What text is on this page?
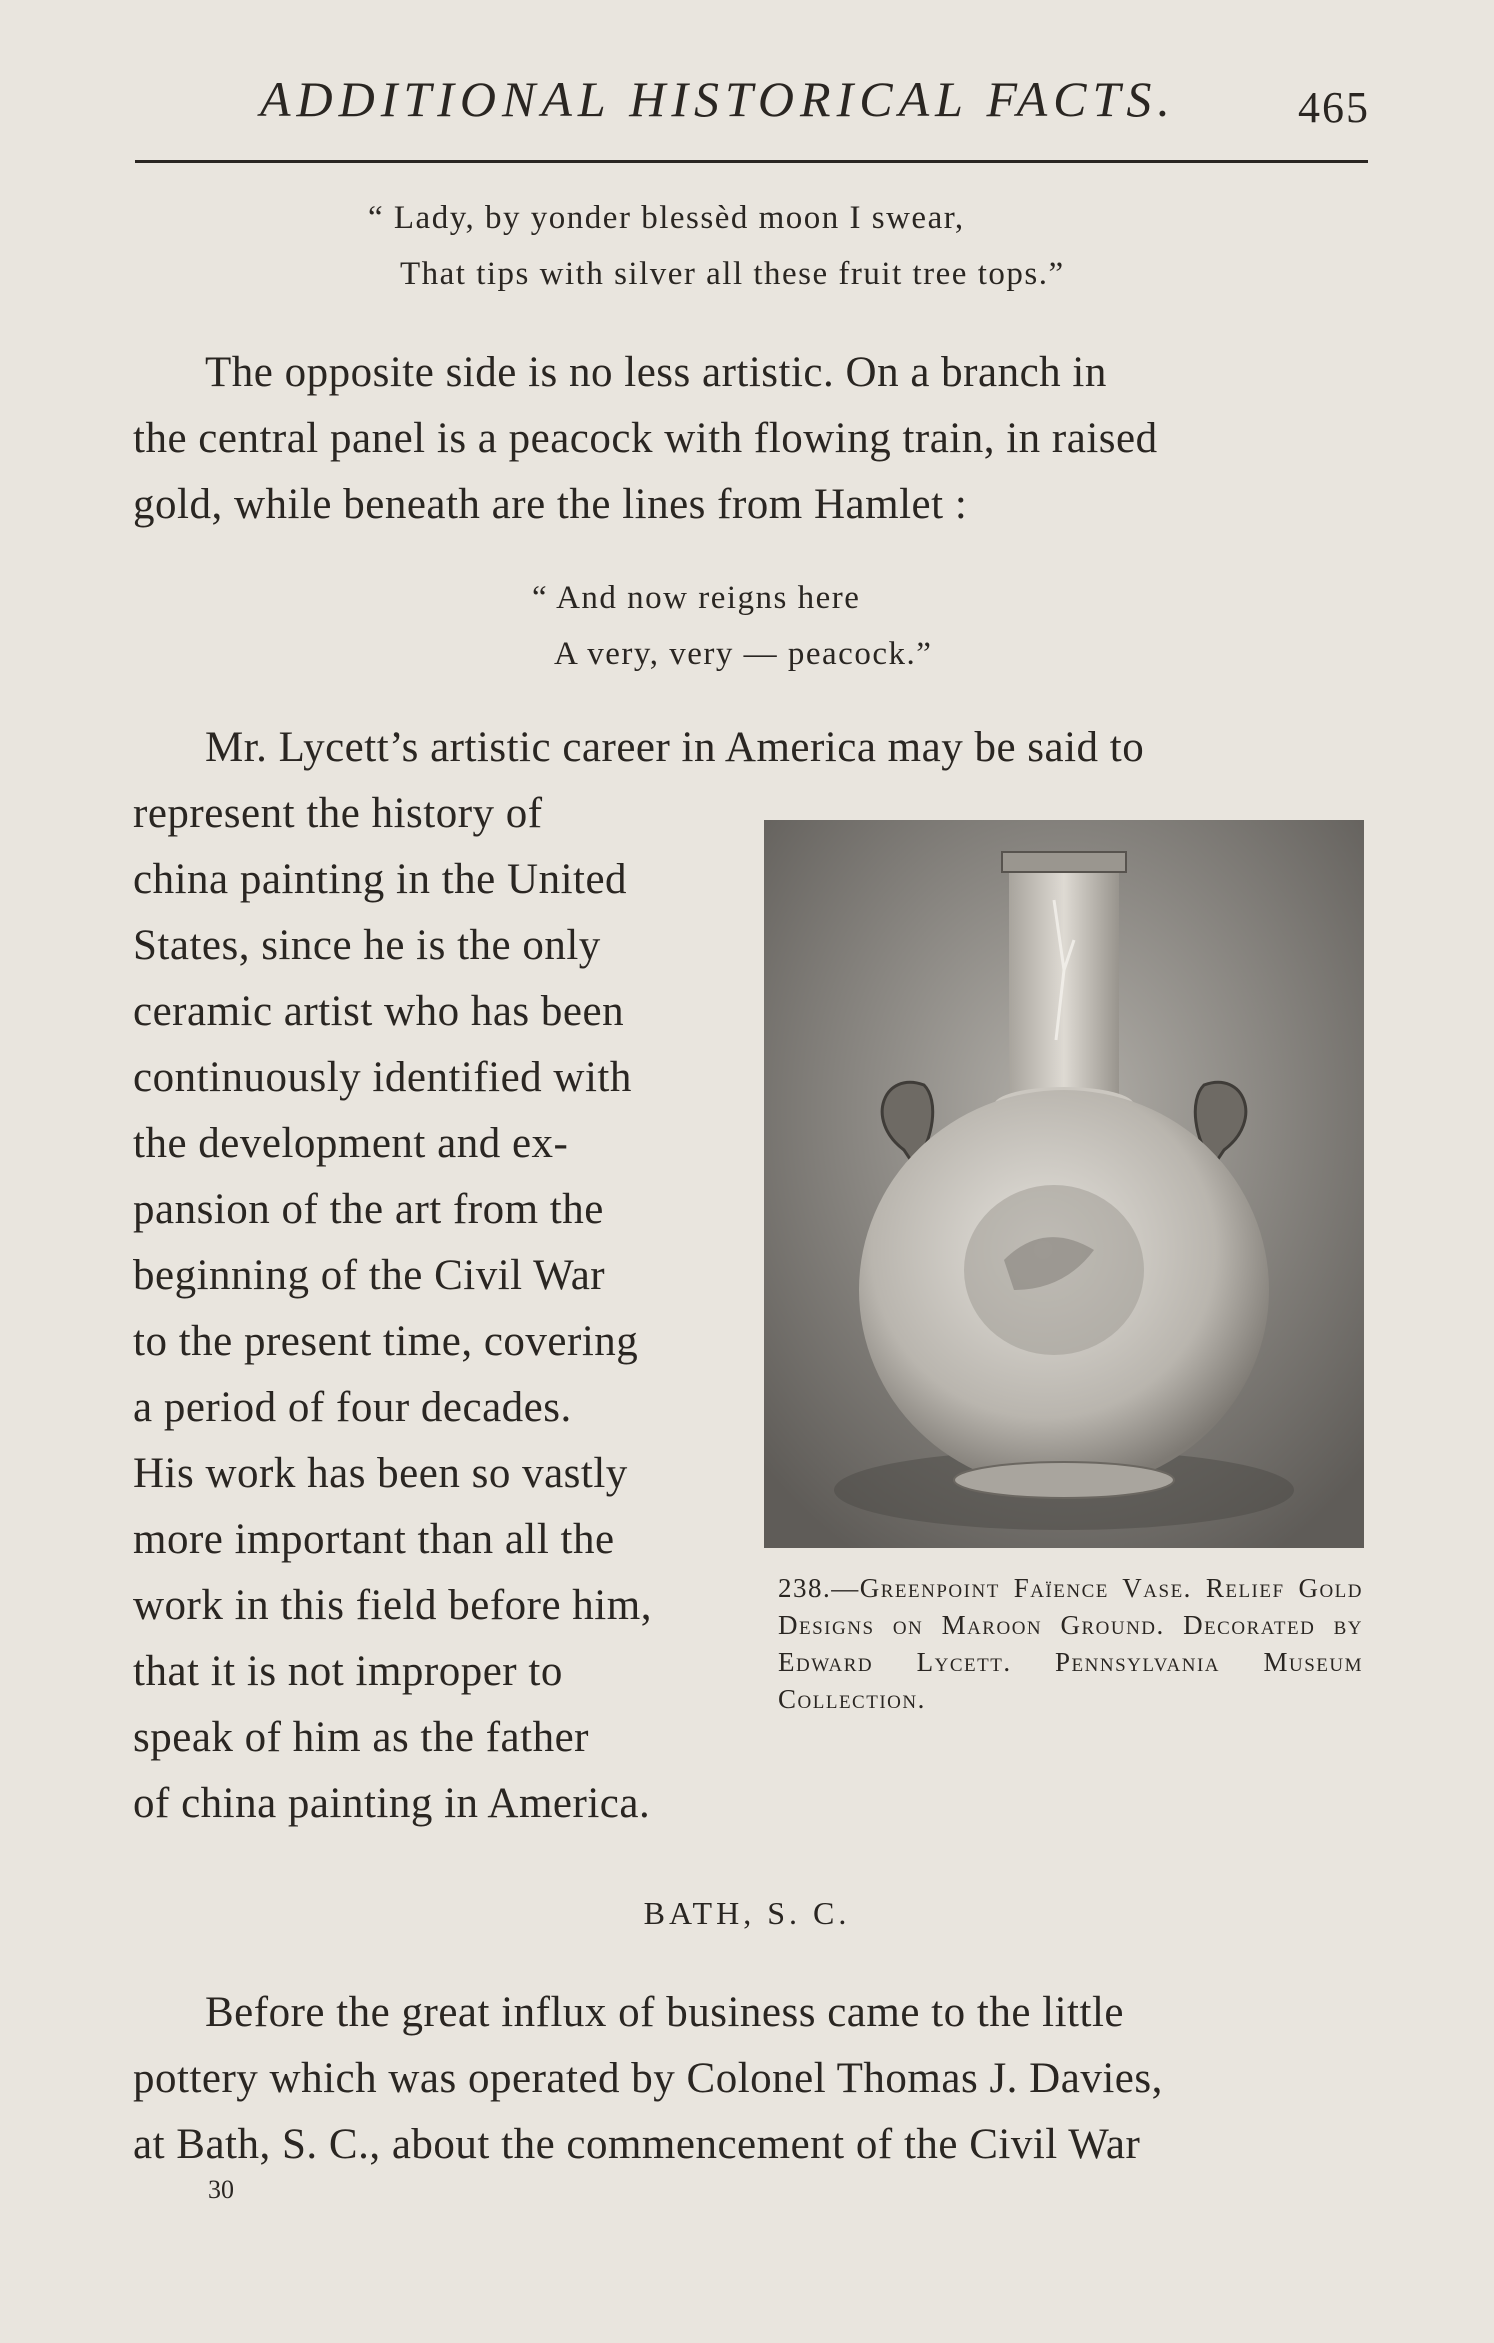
ADDITIONAL HISTORICAL FACTS.	465
“ Lady, by yonder blessèd moon I swear,
That tips with silver all these fruit tree tops.”
The opposite side is no less artistic. On a branch in
the central panel is a peacock with flowing train, in raised
gold, while beneath are the lines from Hamlet :
“ And now reigns here
A very, very — peacock.”
Mr. Lycett’s artistic career in America may be said to
represent the history of
china painting in the United
States, since he is the only
ceramic artist who has been
continuously identified with
the development and ex-
pansion of the art from the
beginning of the Civil War
to the present time, covering
a period of four decades.
His work has been so vastly
more important than all the
work in this field before him,
that it is not improper to
speak of him as the father
of china painting in America.
238.—Greenpoint Faïence Vase. Relief Gold Designs on Maroon Ground. Decorated by Edward Lycett. Pennsylvania Museum Collection.
BATH, S. C.
Before the great influx of business came to the little
pottery which was operated by Colonel Thomas J. Davies,
at Bath, S. C., about the commencement of the Civil War
30
